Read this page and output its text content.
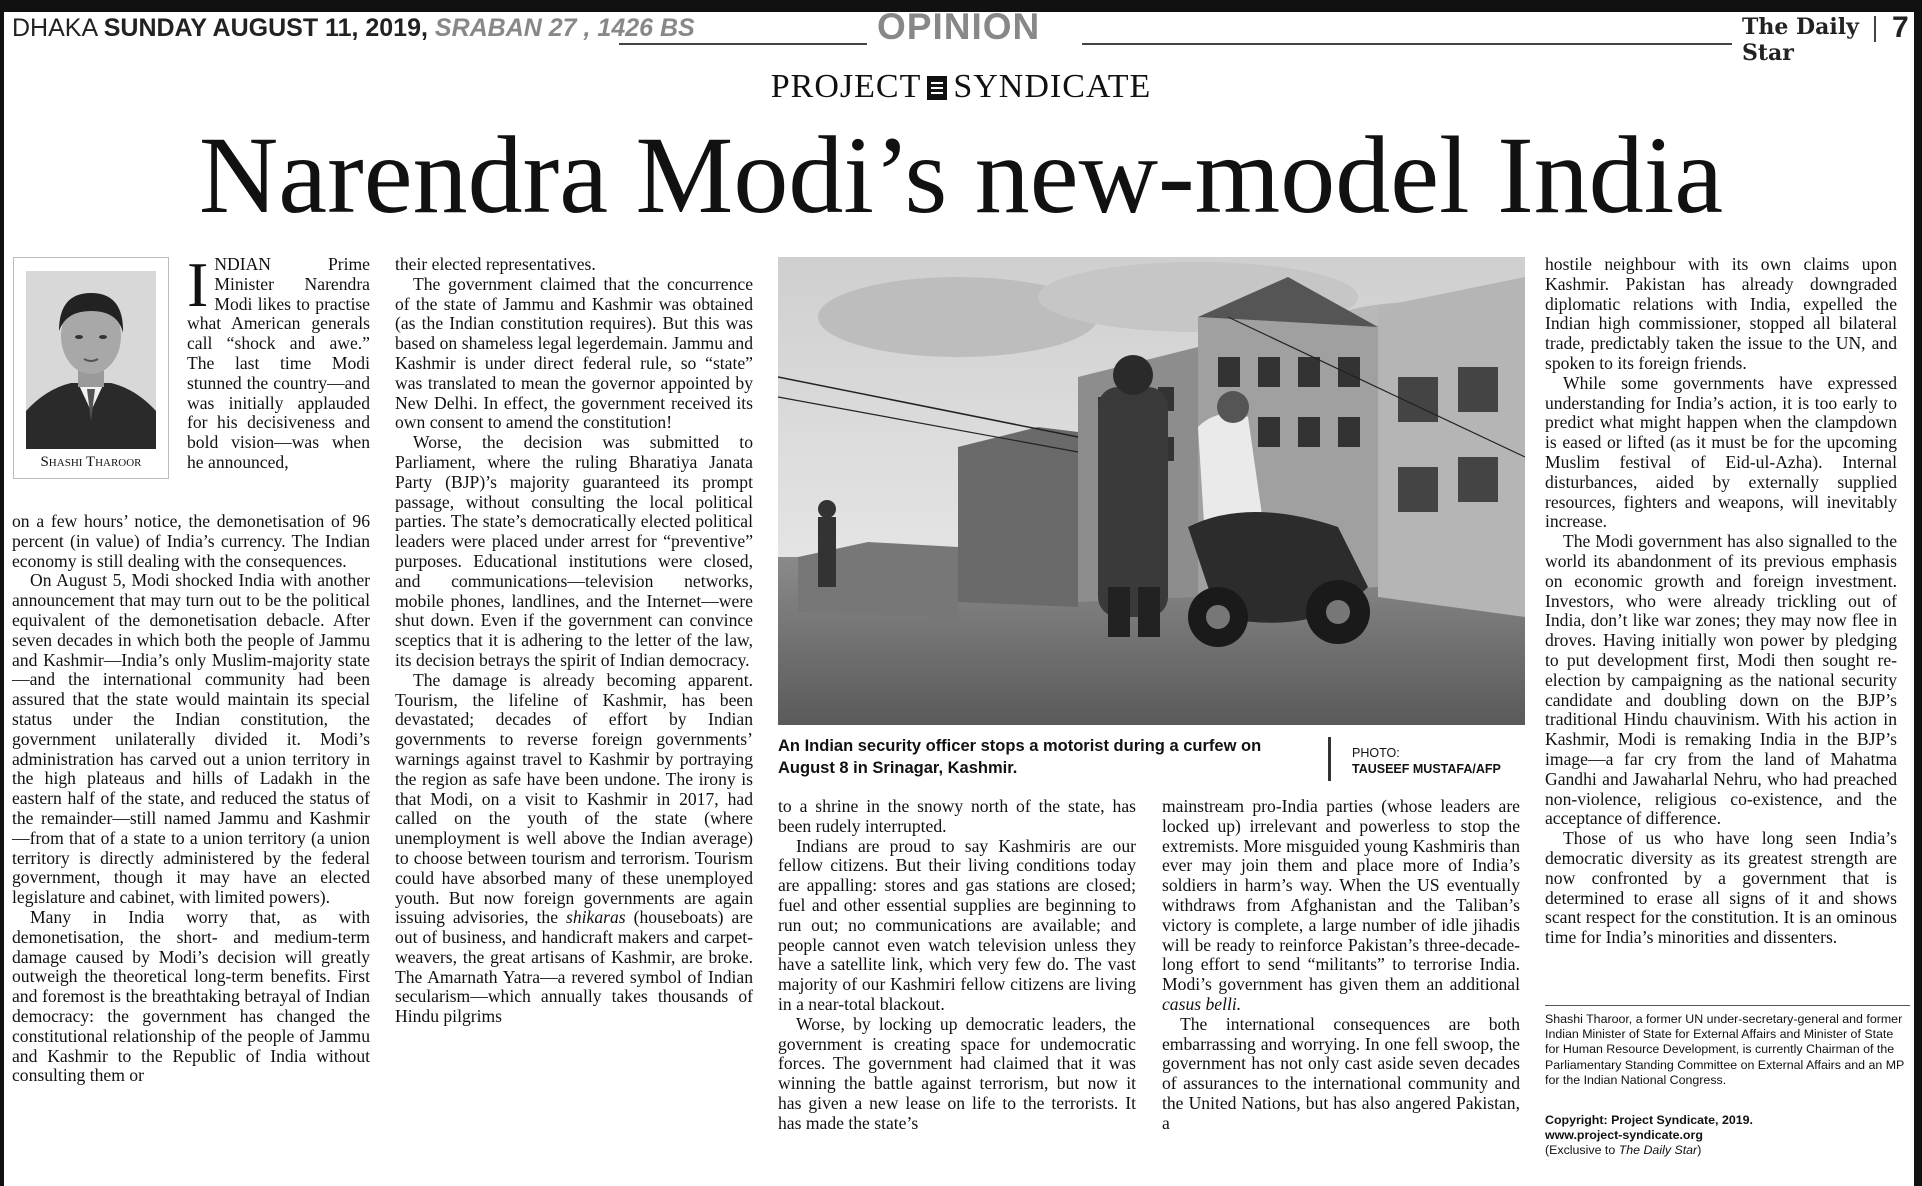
DHAKA SUNDAY AUGUST 11, 2019, SRABAN 27 , 1426 BS	OPINION	The Daily Star
7
PROJECT SYNDICATE
Narendra Modi’s new-model India
Shashi Tharoor

INDIAN Prime Minister Narendra Modi likes to practise what American generals call “shock and awe.” The last time Modi stunned the country—and was initially applauded for his decisiveness and bold vision—was when he announced,

on a few hours’ notice, the demonetisation of 96 percent (in value) of India’s currency. The Indian economy is still dealing with the consequences.

On August 5, Modi shocked India with another announcement that may turn out to be the political equivalent of the demonetisation debacle. After seven decades in which both the people of Jammu and Kashmir—India’s only Muslim-majority state—and the international community had been assured that the state would maintain its special status under the Indian constitution, the government unilaterally divided it. Modi’s administration has carved out a union territory in the high plateaus and hills of Ladakh in the eastern half of the state, and reduced the status of the remainder—still named Jammu and Kashmir—from that of a state to a union territory (a union territory is directly administered by the federal government, though it may have an elected legislature and cabinet, with limited powers).

Many in India worry that, as with demonetisation, the short- and medium-term damage caused by Modi’s decision will greatly outweigh the theoretical long-term benefits. First and foremost is the breathtaking betrayal of Indian democracy: the government has changed the constitutional relationship of the people of Jammu and Kashmir to the Republic of India without consulting them or

their elected representatives.

The government claimed that the concurrence of the state of Jammu and Kashmir was obtained (as the Indian constitution requires). But this was based on shameless legal legerdemain. Jammu and Kashmir is under direct federal rule, so “state” was translated to mean the governor appointed by New Delhi. In effect, the government received its own consent to amend the constitution!

Worse, the decision was submitted to Parliament, where the ruling Bharatiya Janata Party (BJP)’s majority guaranteed its prompt passage, without consulting the local political parties. The state’s democratically elected political leaders were placed under arrest for “preventive” purposes. Educational institutions were closed, and communications—television networks, mobile phones, landlines, and the Internet—were shut down. Even if the government can convince sceptics that it is adhering to the letter of the law, its decision betrays the spirit of Indian democracy.

The damage is already becoming apparent. Tourism, the lifeline of Kashmir, has been devastated; decades of effort by Indian governments to reverse foreign governments’ warnings against travel to Kashmir by portraying the region as safe have been undone. The irony is that Modi, on a visit to Kashmir in 2017, had called on the youth of the state (where unemployment is well above the Indian average) to choose between tourism and terrorism. Tourism could have absorbed many of these unemployed youth. But now foreign governments are again issuing advisories, the shikaras (houseboats) are out of business, and handicraft makers and carpet-weavers, the great artisans of Kashmir, are broke. The Amarnath Yatra—a revered symbol of Indian secularism—which annually takes thousands of Hindu pilgrims

An Indian security officer stops a motorist during a curfew on August 8 in Srinagar, Kashmir.
PHOTO:
TAUSEEF MUSTAFA/AFP

to a shrine in the snowy north of the state, has been rudely interrupted.

Indians are proud to say Kashmiris are our fellow citizens. But their living conditions today are appalling: stores and gas stations are closed; fuel and other essential supplies are beginning to run out; no communications are available; and people cannot even watch television unless they have a satellite link, which very few do. The vast majority of our Kashmiri fellow citizens are living in a near-total blackout.

Worse, by locking up democratic leaders, the government is creating space for undemocratic forces. The government had claimed that it was winning the battle against terrorism, but now it has given a new lease on life to the terrorists. It has made the state’s

mainstream pro-India parties (whose leaders are locked up) irrelevant and powerless to stop the extremists. More misguided young Kashmiris than ever may join them and place more of India’s soldiers in harm’s way. When the US eventually withdraws from Afghanistan and the Taliban’s victory is complete, a large number of idle jihadis will be ready to reinforce Pakistan’s three-decade-long effort to send “militants” to terrorise India. Modi’s government has given them an additional casus belli.

The international consequences are both embarrassing and worrying. In one fell swoop, the government has not only cast aside seven decades of assurances to the international community and the United Nations, but has also angered Pakistan, a

hostile neighbour with its own claims upon Kashmir. Pakistan has already downgraded diplomatic relations with India, expelled the Indian high commissioner, stopped all bilateral trade, predictably taken the issue to the UN, and spoken to its foreign friends.

While some governments have expressed understanding for India’s action, it is too early to predict what might happen when the clampdown is eased or lifted (as it must be for the upcoming Muslim festival of Eid-ul-Azha). Internal disturbances, aided by externally supplied resources, fighters and weapons, will inevitably increase.

The Modi government has also signalled to the world its abandonment of its previous emphasis on economic growth and foreign investment. Investors, who were already trickling out of India, don’t like war zones; they may now flee in droves. Having initially won power by pledging to put development first, Modi then sought re-election by campaigning as the national security candidate and doubling down on the BJP’s traditional Hindu chauvinism. With his action in Kashmir, Modi is remaking India in the BJP’s image—a far cry from the land of Mahatma Gandhi and Jawaharlal Nehru, who had preached non-violence, religious co-existence, and the acceptance of difference.

Those of us who have long seen India’s democratic diversity as its greatest strength are now confronted by a government that is determined to erase all signs of it and shows scant respect for the constitution. It is an ominous time for India’s minorities and dissenters.

Shashi Tharoor, a former UN under-secretary-general and former Indian Minister of State for External Affairs and Minister of State for Human Resource Development, is currently Chairman of the Parliamentary Standing Committee on External Affairs and an MP for the Indian National Congress.
Copyright: Project Syndicate, 2019.
www.project-syndicate.org
(Exclusive to The Daily Star)
